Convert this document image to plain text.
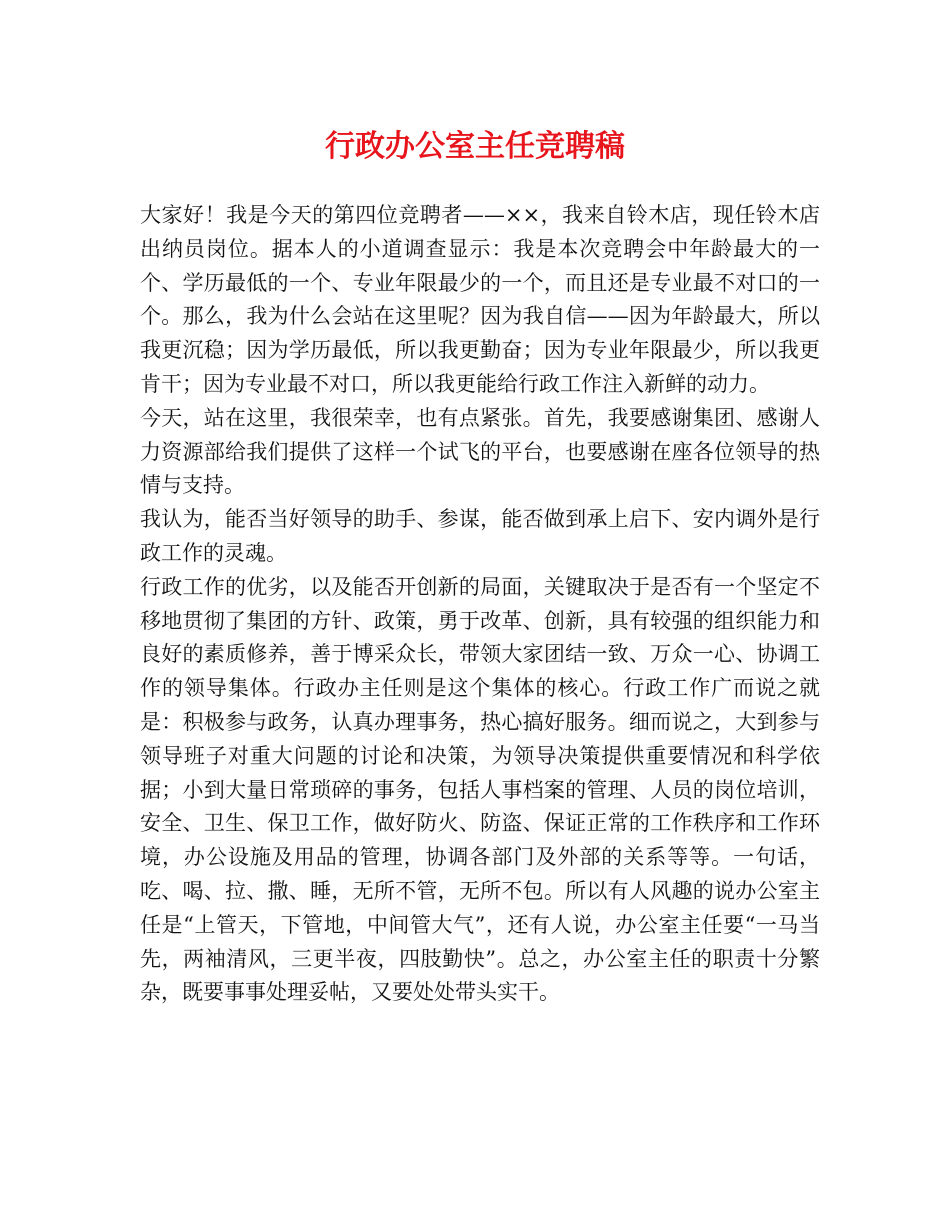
行政办公室主任竞聘稿

大家好！我是今天的第四位竞聘者——××，我来自铃木店，现任铃木店出纳员岗位。据本人的小道调查显示：我是本次竞聘会中年龄最大的一个、学历最低的一个、专业年限最少的一个，而且还是专业最不对口的一个。那么，我为什么会站在这里呢？因为我自信——因为年龄最大，所以我更沉稳；因为学历最低，所以我更勤奋；因为专业年限最少，所以我更肯干；因为专业最不对口，所以我更能给行政工作注入新鲜的动力。

今天，站在这里，我很荣幸，也有点紧张。首先，我要感谢集团、感谢人力资源部给我们提供了这样一个试飞的平台，也要感谢在座各位领导的热情与支持。

我认为，能否当好领导的助手、参谋，能否做到承上启下、安内调外是行政工作的灵魂。

行政工作的优劣，以及能否开创新的局面，关键取决于是否有一个坚定不移地贯彻了集团的方针、政策，勇于改革、创新，具有较强的组织能力和良好的素质修养，善于博采众长，带领大家团结一致、万众一心、协调工作的领导集体。行政办主任则是这个集体的核心。行政工作广而说之就是：积极参与政务，认真办理事务，热心搞好服务。细而说之，大到参与领导班子对重大问题的讨论和决策，为领导决策提供重要情况和科学依据；小到大量日常琐碎的事务，包括人事档案的管理、人员的岗位培训，安全、卫生、保卫工作，做好防火、防盗、保证正常的工作秩序和工作环境，办公设施及用品的管理，协调各部门及外部的关系等等。一句话，吃、喝、拉、撒、睡，无所不管，无所不包。所以有人风趣的说办公室主任是“上管天，下管地，中间管大气”，还有人说，办公室主任要“一马当先，两袖清风，三更半夜，四肢勤快”。总之，办公室主任的职责十分繁杂，既要事事处理妥帖，又要处处带头实干。
